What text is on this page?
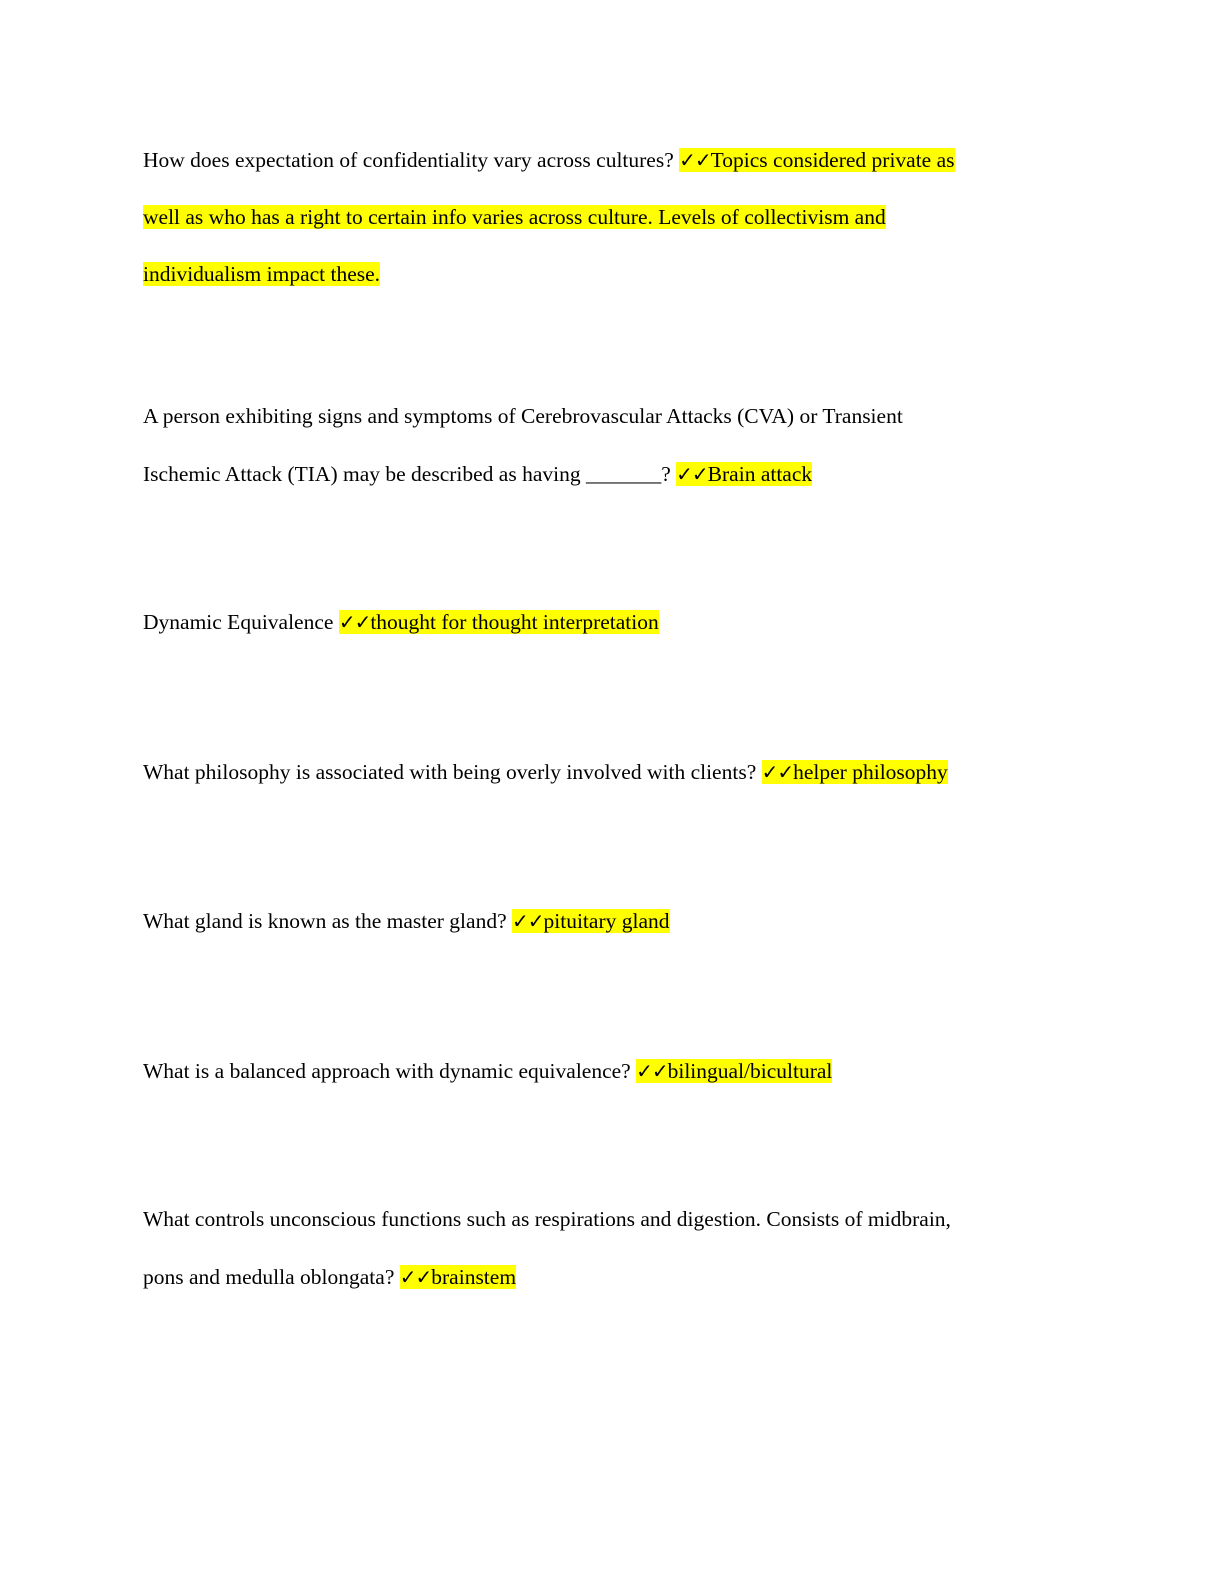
How does expectation of confidentiality vary across cultures? ✓✓Topics considered private as
well as who has a right to certain info varies across culture. Levels of collectivism and
individualism impact these.
A person exhibiting signs and symptoms of Cerebrovascular Attacks (CVA) or Transient
Ischemic Attack (TIA) may be described as having _______? ✓✓Brain attack
Dynamic Equivalence ✓✓thought for thought interpretation
What philosophy is associated with being overly involved with clients? ✓✓helper philosophy
What gland is known as the master gland? ✓✓pituitary gland
What is a balanced approach with dynamic equivalence? ✓✓bilingual/bicultural
What controls unconscious functions such as respirations and digestion. Consists of midbrain,
pons and medulla oblongata? ✓✓brainstem
